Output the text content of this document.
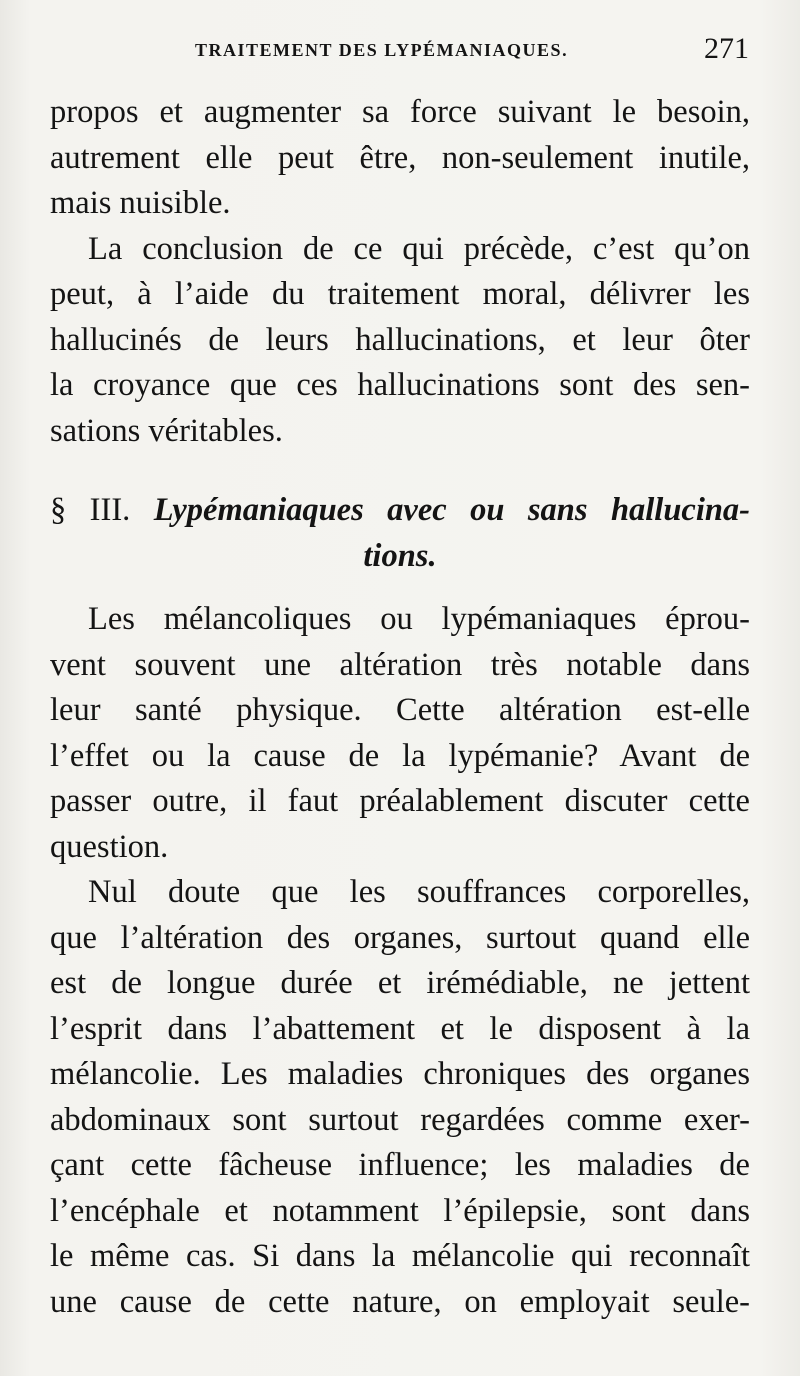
TRAITEMENT DES LYPÉMANIAQUES.	271
propos et augmenter sa force suivant le besoin,
autrement elle peut être, non-seulement inutile,
mais nuisible.
La conclusion de ce qui précède, c’est qu’on
peut, à l’aide du traitement moral, délivrer les
hallucinés de leurs hallucinations, et leur ôter
la croyance que ces hallucinations sont des sen-
sations véritables.
§ III. Lypémaniaques avec ou sans hallucina-
tions.
Les mélancoliques ou lypémaniaques éprou-
vent souvent une altération très notable dans
leur santé physique. Cette altération est-elle
l’effet ou la cause de la lypémanie? Avant de
passer outre, il faut préalablement discuter cette
question.
Nul doute que les souffrances corporelles,
que l’altération des organes, surtout quand elle
est de longue durée et irémédiable, ne jettent
l’esprit dans l’abattement et le disposent à la
mélancolie. Les maladies chroniques des organes
abdominaux sont surtout regardées comme exer-
çant cette fâcheuse influence; les maladies de
l’encéphale et notamment l’épilepsie, sont dans
le même cas. Si dans la mélancolie qui reconnaît
une cause de cette nature, on employait seule-
